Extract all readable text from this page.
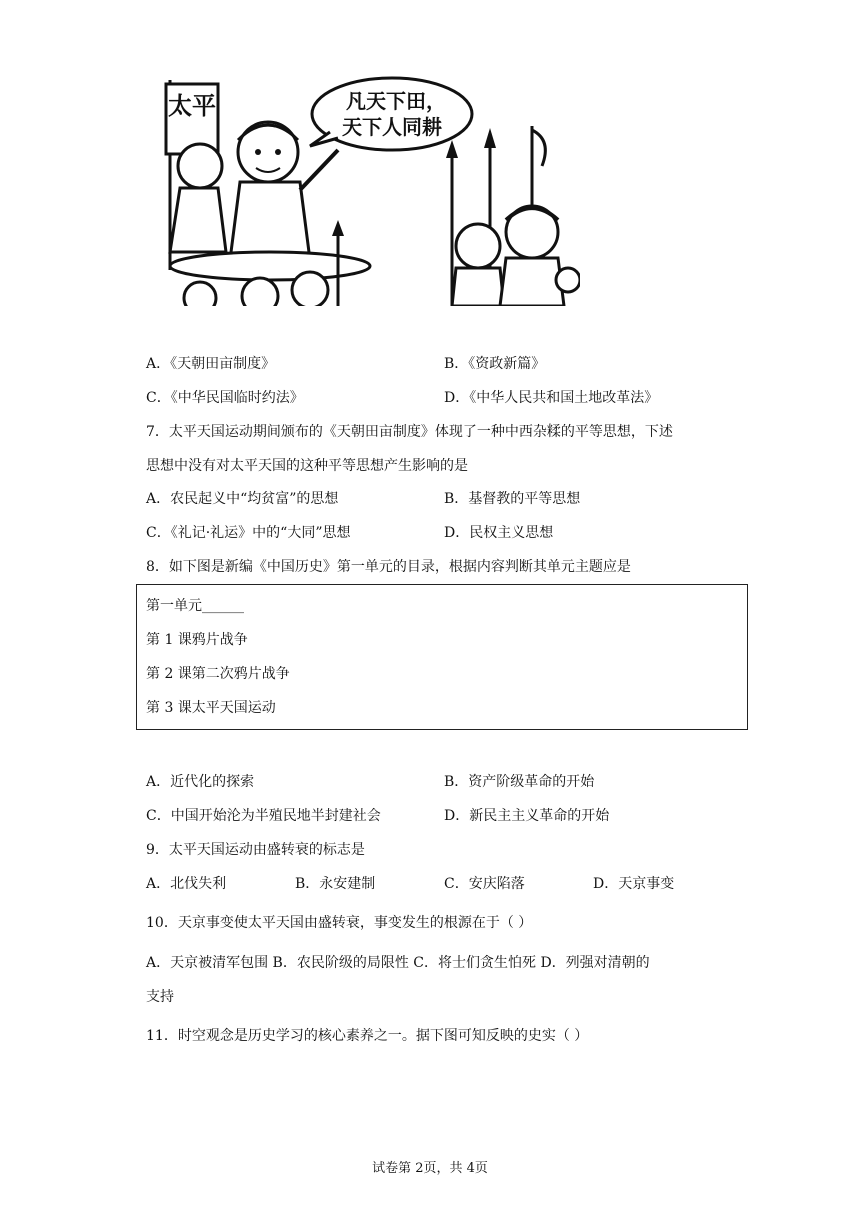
太平	凡天下田，
天下人同耕
A．《天朝田亩制度》	B．《资政新篇》
C．《中华民国临时约法》	D．《中华人民共和国土地改革法》
7．太平天国运动期间颁布的《天朝田亩制度》体现了一种中西杂糅的平等思想，下述
思想中没有对太平天国的这种平等思想产生影响的是
A．农民起义中“均贫富”的思想	B．基督教的平等思想
C．《礼记·礼运》中的“大同”思想	D．民权主义思想
8．如下图是新编《中国历史》第一单元的目录，根据内容判断其单元主题应是
第一单元______
第 1 课鸦片战争
第 2 课第二次鸦片战争
第 3 课太平天国运动
A．近代化的探索	B．资产阶级革命的开始
C．中国开始沦为半殖民地半封建社会	D．新民主主义革命的开始
9．太平天国运动由盛转衰的标志是
A．北伐失利	B．永安建制	C．安庆陷落	D．天京事变
10．天京事变使太平天国由盛转衰，事变发生的根源在于（ ）
A．天京被清军包围 B．农民阶级的局限性 C．将士们贪生怕死 D．列强对清朝的
支持
11．时空观念是历史学习的核心素养之一。据下图可知反映的史实（ ）
试卷第 2页，共 4页
